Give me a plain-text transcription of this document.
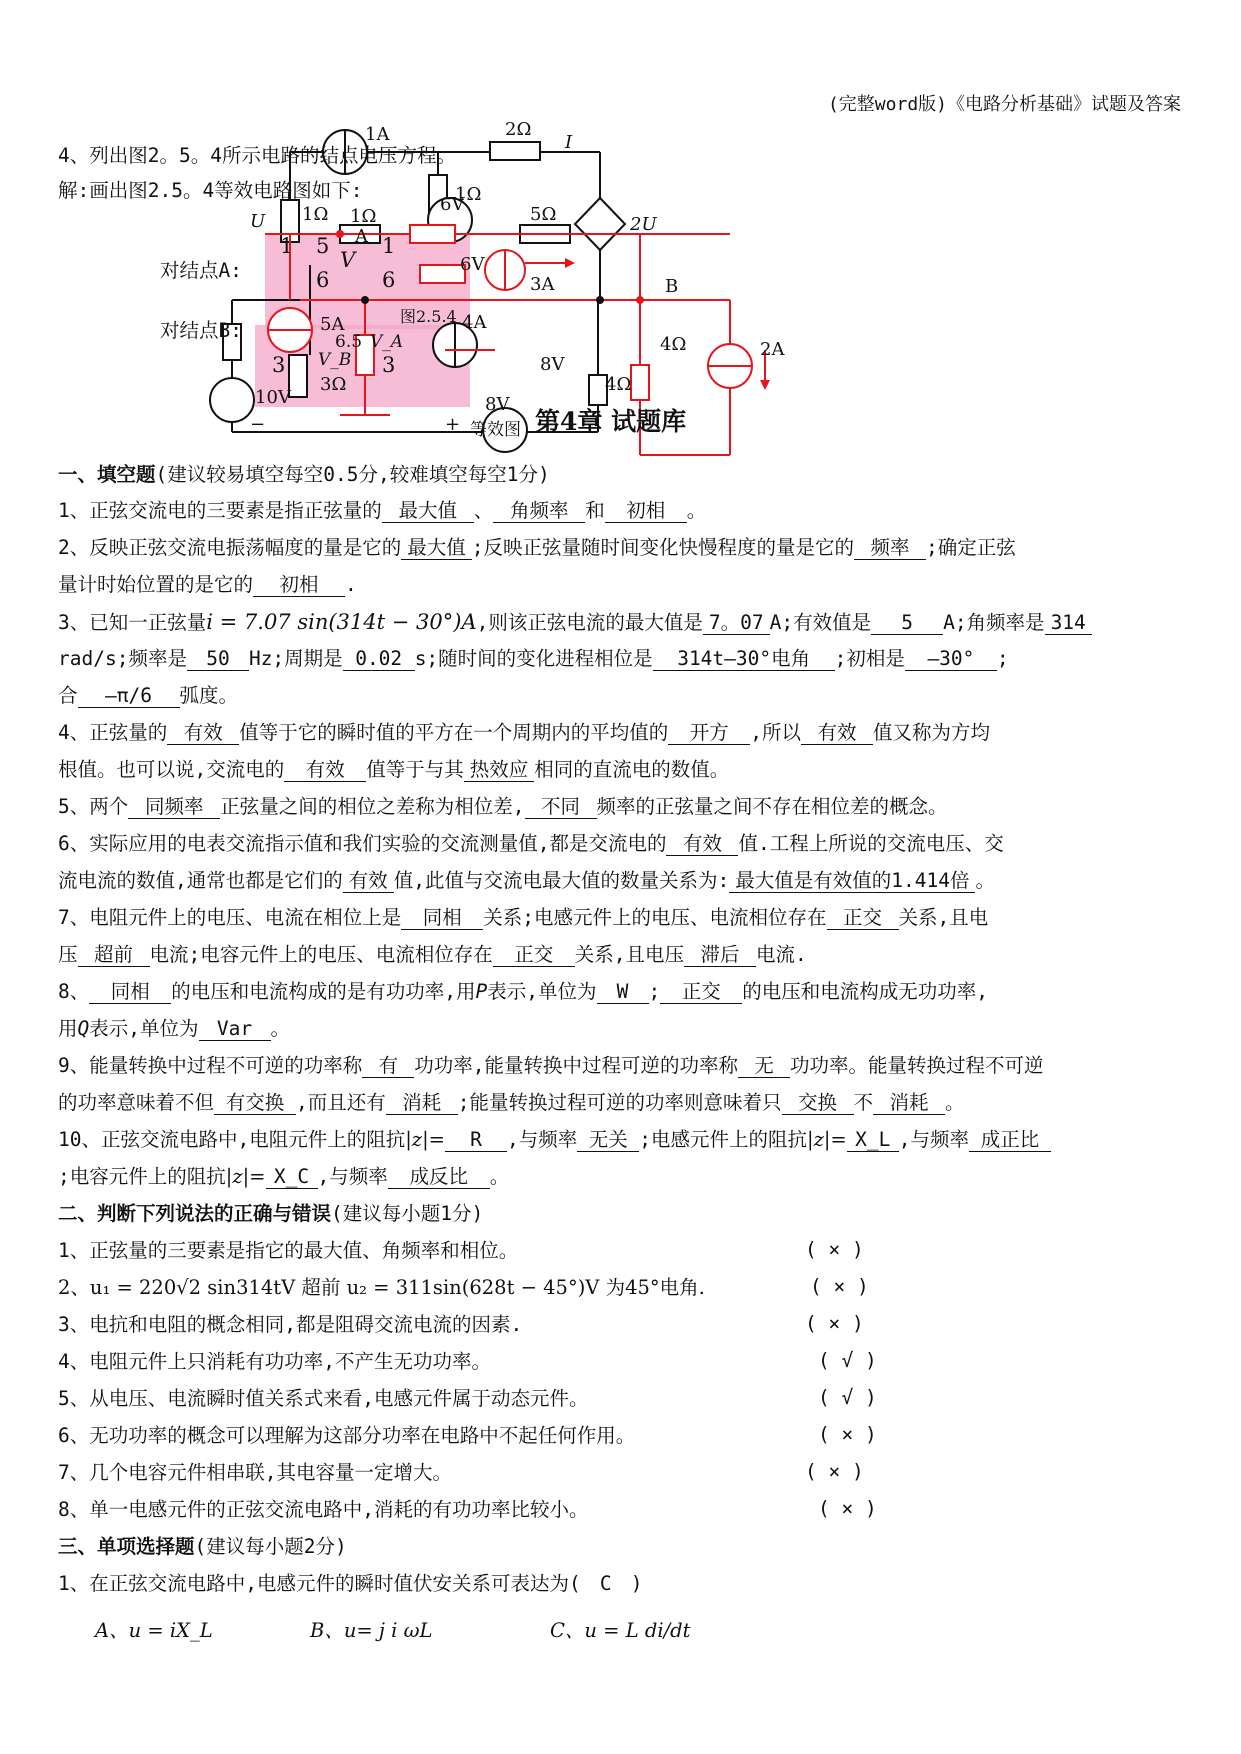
(完整word版)《电路分析基础》试题及答案
1A	2Ω
I
1Ω
6V
1Ω 1Ω
A
5Ω
U	2U
6V
3A	B
5A	4A
4Ω	2A
8V
4Ω
10V
3Ω
8V
+
−	等效图
图2.5.4
1 5	1
V
6	6
3 V_B
6.5 V_A
3
4、列出图2。5。4所示电路的结点电压方程。
解:画出图2.5。4等效电路图如下:
对结点A:
对结点B:
第4章 试题库
一、填空题(建议较易填空每空0.5分,较难填空每空1分)
1、正弦交流电的三要素是指正弦量的 最大值 、 角频率 和 初相 。
2、反映正弦交流电振荡幅度的量是它的 最大值 ;反映正弦量随时间变化快慢程度的量是它的 频率 ;确定正弦
量计时始位置的是它的 初相 .
3、已知一正弦量i = 7.07 sin(314t − 30°)A,则该正弦电流的最大值是 7。07 A;有效值是 5 A;角频率是 314
rad/s;频率是 50 Hz;周期是 0.02 s;随时间的变化进程相位是 314t—30°电角 ;初相是 —30° ;
合 —π/6 弧度。
4、正弦量的 有效 值等于它的瞬时值的平方在一个周期内的平均值的 开方 ,所以 有效 值又称为方均
根值。也可以说,交流电的 有效 值等于与其 热效应 相同的直流电的数值。
5、两个 同频率 正弦量之间的相位之差称为相位差, 不同 频率的正弦量之间不存在相位差的概念。
6、实际应用的电表交流指示值和我们实验的交流测量值,都是交流电的 有效 值.工程上所说的交流电压、交
流电流的数值,通常也都是它们的 有效 值,此值与交流电最大值的数量关系为: 最大值是有效值的1.414倍 。
7、电阻元件上的电压、电流在相位上是 同相 关系;电感元件上的电压、电流相位存在 正交 关系,且电
压 超前 电流;电容元件上的电压、电流相位存在 正交 关系,且电压 滞后 电流.
8、 同相 的电压和电流构成的是有功功率,用P表示,单位为 W ; 正交 的电压和电流构成无功功率,
用Q表示,单位为 Var 。
9、能量转换中过程不可逆的功率称 有 功功率,能量转换中过程可逆的功率称 无 功功率。能量转换过程不可逆
的功率意味着不但 有交换 ,而且还有 消耗 ;能量转换过程可逆的功率则意味着只 交换 不 消耗 。
10、正弦交流电路中,电阻元件上的阻抗|z|= R ,与频率 无关 ;电感元件上的阻抗|z|= X_L ,与频率 成正比
;电容元件上的阻抗|z|= X_C ,与频率 成反比 。
二、判断下列说法的正确与错误(建议每小题1分)
1、正弦量的三要素是指它的最大值、角频率和相位。	( × )
2、u₁ = 220√2 sin314tV 超前 u₂ = 311sin(628t − 45°)V 为45°电角.	( × )
3、电抗和电阻的概念相同,都是阻碍交流电流的因素.	( × )
4、电阻元件上只消耗有功功率,不产生无功功率。	( √ )
5、从电压、电流瞬时值关系式来看,电感元件属于动态元件。	( √ )
6、无功功率的概念可以理解为这部分功率在电路中不起任何作用。	( × )
7、几个电容元件相串联,其电容量一定增大。	( × )
8、单一电感元件的正弦交流电路中,消耗的有功功率比较小。	( × )
三、单项选择题(建议每小题2分)
1、在正弦交流电路中,电感元件的瞬时值伏安关系可表达为( C )
A、u = iX_L	B、u= j i ωL	C、u = L di/dt
